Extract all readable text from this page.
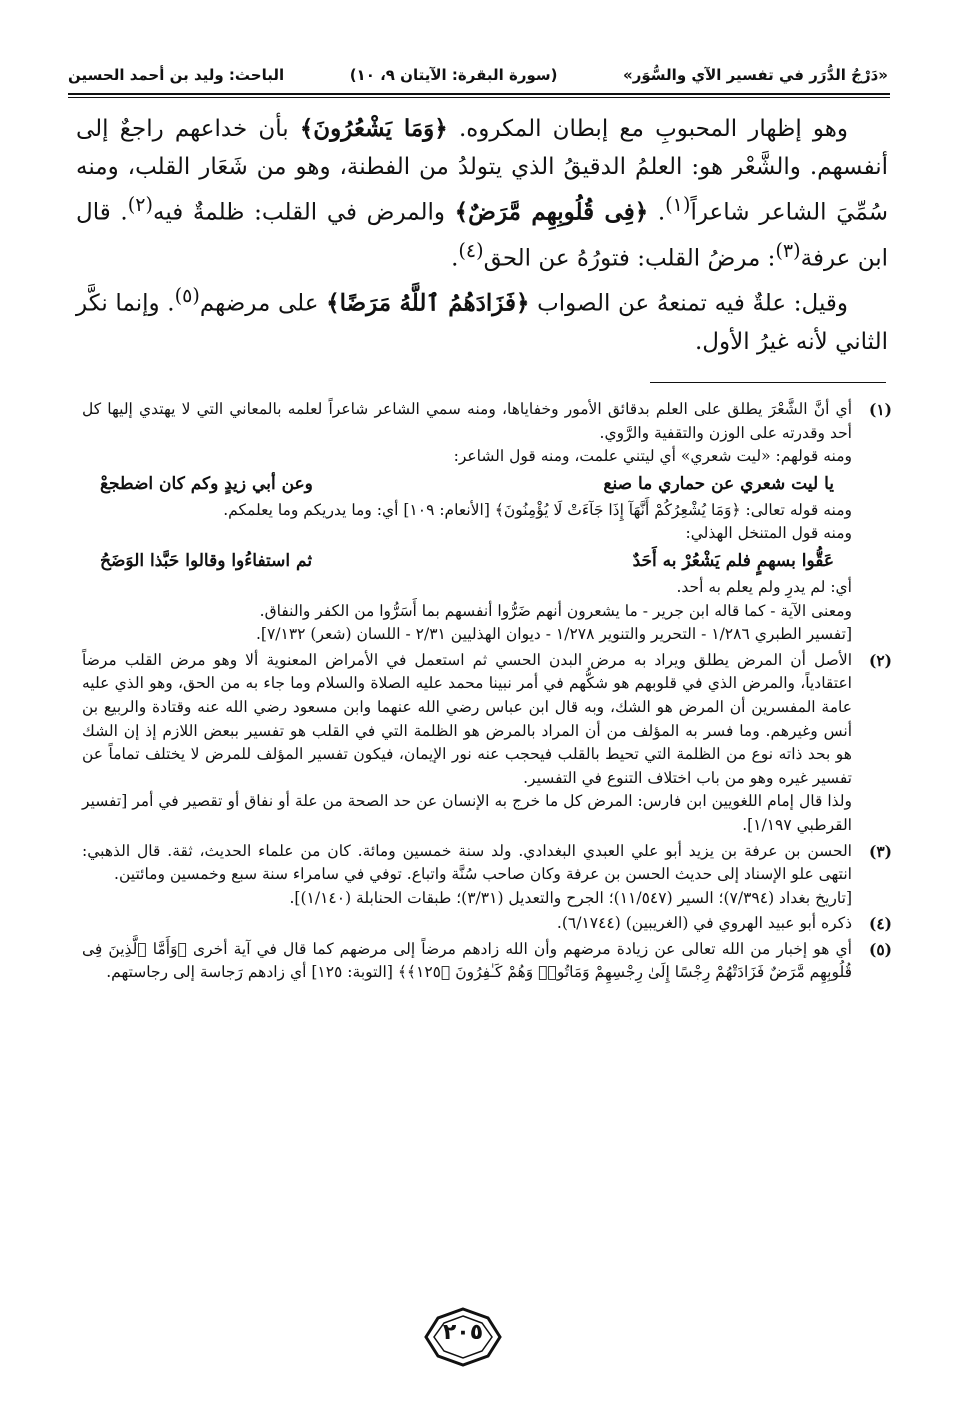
«دَرْجُ الدُّرَر في تفسير الآي والسُّوَر»
(سورة البقرة: الآيتان ٩، ١٠)
الباحث: وليد بن أحمد الحسين

وهو إظهار المحبوبِ مع إبطان المكروه. ﴿وَمَا يَشْعُرُونَ﴾ بأن خداعهم راجعٌ إلى أنفسهم. والشَّعْر هو: العلمُ الدقيقُ الذي يتولدُ من الفطنة، وهو من شَعَار القلب، ومنه سُمِّيَ الشاعر شاعراً$^{(١)}$. ﴿فِى قُلُوبِهِم مَّرَضٌ﴾ والمرض في القلب: ظلمةٌ فيه$^{(٢)}$. قال ابن عرفة$^{(٣)}$: مرضُ القلب: فتورُهُ عن الحق$^{(٤)}$.

وقيل: علةٌ فيه تمنعهُ عن الصواب ﴿فَزَادَهُمُ ٱللَّهُ مَرَضًا﴾ على مرضهم$^{(٥)}$. وإنما نكَّر الثاني لأنه غيرُ الأول.

(١)
أي أنَّ الشَّعْرَ يطلق على العلم بدقائق الأمور وخفاياها، ومنه سمي الشاعر شاعراً لعلمه بالمعاني التي لا يهتدي إليها كل أحد وقدرته على الوزن والتقفية والرَّوي.
ومنه قولهم: «ليت شعري» أي ليتني علمت، ومنه قول الشاعر:
يا ليت شعري عن حماري ما صنع
وعن أبي زيدٍ وكم كان اضطجعْ
ومنه قوله تعالى: ﴿وَمَا يُشْعِرُكُمْ أَنَّهَآ إِذَا جَآءَتْ لَا يُؤْمِنُونَ﴾ [الأنعام: ١٠٩] أي: وما يدريكم وما يعلمكم.
ومنه قول المتنخل الهذلي:
عَقُّوا بسهمٍ فلم يَشْعُرْ به أَحَدٌ
ثم استفاءُوا وقالوا حَبَّذا الوَضَحُ
أي: لم يدرِ ولم يعلم به أحد.
ومعنى الآية - كما قاله ابن جرير - ما يشعرون أنهم ضَرُّوا أنفسهم بما أَسَرُّوا من الكفر والنفاق.
[تفسير الطبري ١/٢٨٦ - التحرير والتنوير ١/٢٧٨ - ديوان الهذليين ٢/٣١ - اللسان (شعر) ٧/١٣٢].
(٢)
الأصل أن المرض يطلق ويراد به مرض البدن الحسي ثم استعمل في الأمراض المعنوية ألا وهو مرض القلب مرضاً اعتقادياً، والمرض الذي في قلوبهم هو شكُّهم في أمر نبينا محمد عليه الصلاة والسلام وما جاء به من الحق، وهو الذي عليه عامة المفسرين أن المرض هو الشك، وبه قال ابن عباس رضي الله عنهما وابن مسعود رضي الله عنه وقتادة والربيع بن أنس وغيرهم. وما فسر به المؤلف من أن المراد بالمرض هو الظلمة التي في القلب هو تفسير ببعض اللازم إذ إن الشك هو بحد ذاته نوع من الظلمة التي تحيط بالقلب فيحجب عنه نور الإيمان، فيكون تفسير المؤلف للمرض لا يختلف تماماً عن تفسير غيره وهو من باب اختلاف التنوع في التفسير.
ولذا قال إمام اللغويين ابن فارس: المرض كل ما خرج به الإنسان عن حد الصحة من علة أو نفاق أو تقصير في أمر [تفسير القرطبي ١/١٩٧].
(٣)
الحسن بن عرفة بن يزيد أبو علي العبدي البغدادي. ولد سنة خمسين ومائة. كان من علماء الحديث، ثقة. قال الذهبي: انتهى علو الإسناد إلى حديث الحسن بن عرفة وكان صاحب سُنَّة واتباع. توفي في سامراء سنة سبع وخمسين ومائتين.
[تاريخ بغداد (٧/٣٩٤)؛ السير (١١/٥٤٧)؛ الجرح والتعديل (٣/٣١)؛ طبقات الحنابلة (١/١٤٠)].
(٤)
ذكره أبو عبيد الهروي في (الغريبين) (٦/١٧٤٤).
(٥)
أي هو إخبار من الله تعالى عن زيادة مرضهم وأن الله زادهم مرضاً إلى مرضهم كما قال في آية أخرى ﴿وَأَمَّا ٱلَّذِينَ فِى قُلُوبِهِم مَّرَضٌ فَزَادَتْهُمْ رِجْسًا إِلَىٰ رِجْسِهِمْ وَمَاتُوا۟ وَهُمْ كَـٰفِرُونَ ﴿١٢٥﴾﴾ [التوبة: ١٢٥] أي زادهم رَجاسة إلى رجاستهم.
٢٠٥
